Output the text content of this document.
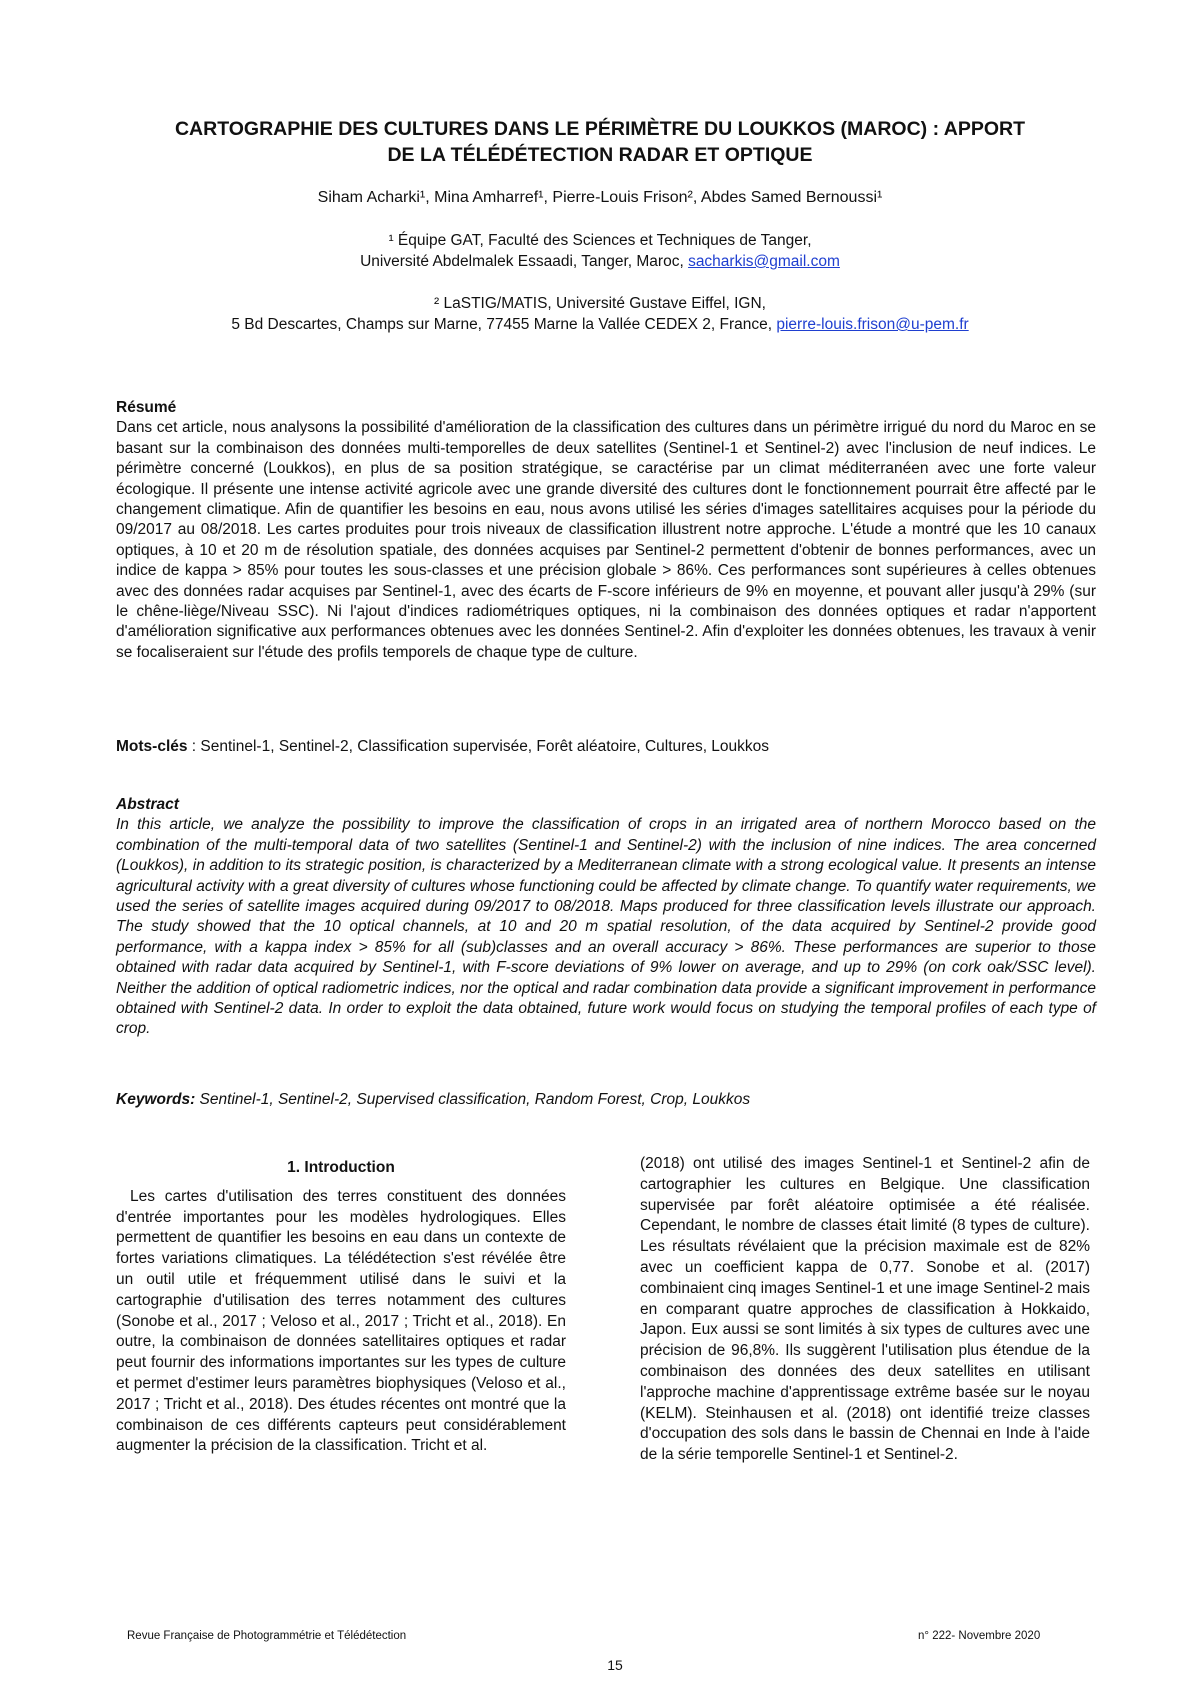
CARTOGRAPHIE DES CULTURES DANS LE PÉRIMÈTRE DU LOUKKOS (MAROC) : APPORT
DE LA TÉLÉDÉTECTION RADAR ET OPTIQUE
Siham Acharki¹, Mina Amharref¹, Pierre-Louis Frison², Abdes Samed Bernoussi¹
¹ Équipe GAT, Faculté des Sciences et Techniques de Tanger,
Université Abdelmalek Essaadi, Tanger, Maroc, sacharkis@gmail.com
² LaSTIG/MATIS, Université Gustave Eiffel, IGN,
5 Bd Descartes, Champs sur Marne, 77455 Marne la Vallée CEDEX 2, France, pierre-louis.frison@u-pem.fr
Résumé
Dans cet article, nous analysons la possibilité d'amélioration de la classification des cultures dans un périmètre irrigué du nord du Maroc en se basant sur la combinaison des données multi-temporelles de deux satellites (Sentinel-1 et Sentinel-2) avec l'inclusion de neuf indices. Le périmètre concerné (Loukkos), en plus de sa position stratégique, se caractérise par un climat méditerranéen avec une forte valeur écologique. Il présente une intense activité agricole avec une grande diversité des cultures dont le fonctionnement pourrait être affecté par le changement climatique. Afin de quantifier les besoins en eau, nous avons utilisé les séries d'images satellitaires acquises pour la période du 09/2017 au 08/2018. Les cartes produites pour trois niveaux de classification illustrent notre approche. L'étude a montré que les 10 canaux optiques, à 10 et 20 m de résolution spatiale, des données acquises par Sentinel-2 permettent d'obtenir de bonnes performances, avec un indice de kappa > 85% pour toutes les sous-classes et une précision globale > 86%. Ces performances sont supérieures à celles obtenues avec des données radar acquises par Sentinel-1, avec des écarts de F-score inférieurs de 9% en moyenne, et pouvant aller jusqu'à 29% (sur le chêne-liège/Niveau SSC). Ni l'ajout d'indices radiométriques optiques, ni la combinaison des données optiques et radar n'apportent d'amélioration significative aux performances obtenues avec les données Sentinel-2. Afin d'exploiter les données obtenues, les travaux à venir se focaliseraient sur l'étude des profils temporels de chaque type de culture.
Mots-clés : Sentinel-1, Sentinel-2, Classification supervisée, Forêt aléatoire, Cultures, Loukkos
Abstract
In this article, we analyze the possibility to improve the classification of crops in an irrigated area of northern Morocco based on the combination of the multi-temporal data of two satellites (Sentinel-1 and Sentinel-2) with the inclusion of nine indices. The area concerned (Loukkos), in addition to its strategic position, is characterized by a Mediterranean climate with a strong ecological value. It presents an intense agricultural activity with a great diversity of cultures whose functioning could be affected by climate change. To quantify water requirements, we used the series of satellite images acquired during 09/2017 to 08/2018. Maps produced for three classification levels illustrate our approach. The study showed that the 10 optical channels, at 10 and 20 m spatial resolution, of the data acquired by Sentinel-2 provide good performance, with a kappa index > 85% for all (sub)classes and an overall accuracy > 86%. These performances are superior to those obtained with radar data acquired by Sentinel-1, with F-score deviations of 9% lower on average, and up to 29% (on cork oak/SSC level). Neither the addition of optical radiometric indices, nor the optical and radar combination data provide a significant improvement in performance obtained with Sentinel-2 data. In order to exploit the data obtained, future work would focus on studying the temporal profiles of each type of crop.
Keywords: Sentinel-1, Sentinel-2, Supervised classification, Random Forest, Crop, Loukkos
1. Introduction

Les cartes d'utilisation des terres constituent des données d'entrée importantes pour les modèles hydrologiques. Elles permettent de quantifier les besoins en eau dans un contexte de fortes variations climatiques. La télédétection s'est révélée être un outil utile et fréquemment utilisé dans le suivi et la cartographie d'utilisation des terres notamment des cultures (Sonobe et al., 2017 ; Veloso et al., 2017 ; Tricht et al., 2018). En outre, la combinaison de données satellitaires optiques et radar peut fournir des informations importantes sur les types de culture et permet d'estimer leurs paramètres biophysiques (Veloso et al., 2017 ; Tricht et al., 2018). Des études récentes ont montré que la combinaison de ces différents capteurs peut considérablement augmenter la précision de la classification. Tricht et al.

(2018) ont utilisé des images Sentinel-1 et Sentinel-2 afin de cartographier les cultures en Belgique. Une classification supervisée par forêt aléatoire optimisée a été réalisée. Cependant, le nombre de classes était limité (8 types de culture). Les résultats révélaient que la précision maximale est de 82% avec un coefficient kappa de 0,77. Sonobe et al. (2017) combinaient cinq images Sentinel-1 et une image Sentinel-2 mais en comparant quatre approches de classification à Hokkaido, Japon. Eux aussi se sont limités à six types de cultures avec une précision de 96,8%. Ils suggèrent l'utilisation plus étendue de la combinaison des données des deux satellites en utilisant l'approche machine d'apprentissage extrême basée sur le noyau (KELM). Steinhausen et al. (2018) ont identifié treize classes d'occupation des sols dans le bassin de Chennai en Inde à l'aide de la série temporelle Sentinel-1 et Sentinel-2.

Revue Française de Photogrammétrie et Télédétection	n° 222- Novembre 2020
15
